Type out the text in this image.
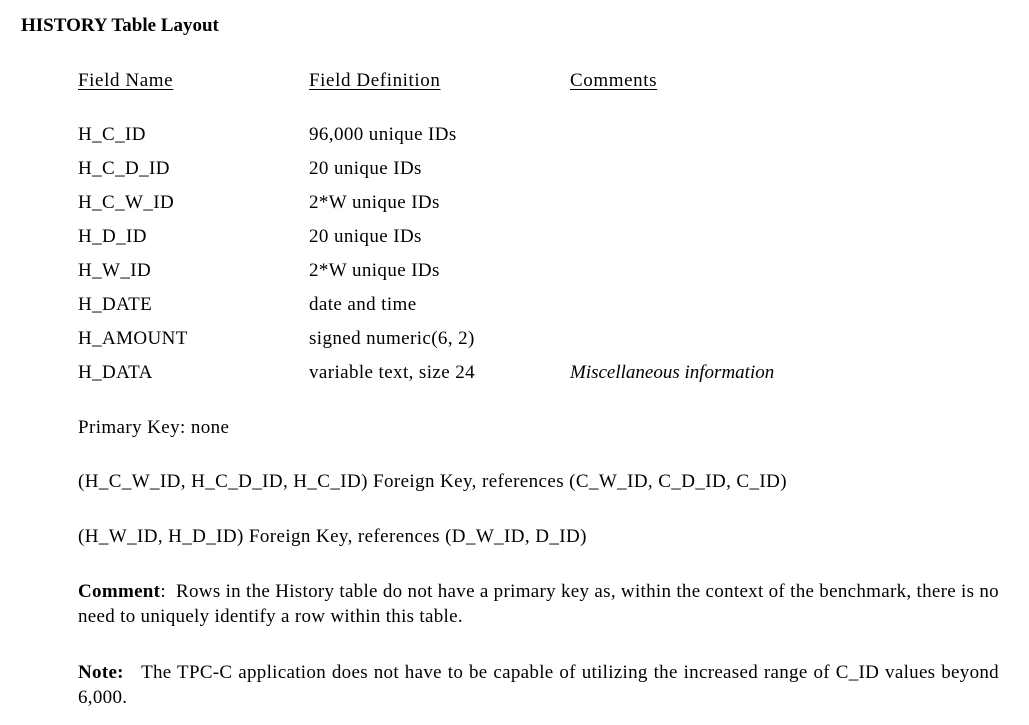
HISTORY Table Layout
Field Name	Field Definition	Comments
H_C_ID	96,000 unique IDs
H_C_D_ID	20 unique IDs
H_C_W_ID	2*W unique IDs
H_D_ID	20 unique IDs
H_W_ID	2*W unique IDs
H_DATE	date and time
H_AMOUNT	signed numeric(6, 2)
H_DATA	variable text, size 24	Miscellaneous information
Primary Key: none
(H_C_W_ID, H_C_D_ID, H_C_ID) Foreign Key, references (C_W_ID, C_D_ID, C_ID)
(H_W_ID, H_D_ID) Foreign Key, references (D_W_ID, D_ID)
Comment:  Rows in the History table do not have a primary key as, within the context of the benchmark, there is no need to uniquely identify a row within this table.
Note:   The TPC-C application does not have to be capable of utilizing the increased range of C_ID values beyond 6,000.
